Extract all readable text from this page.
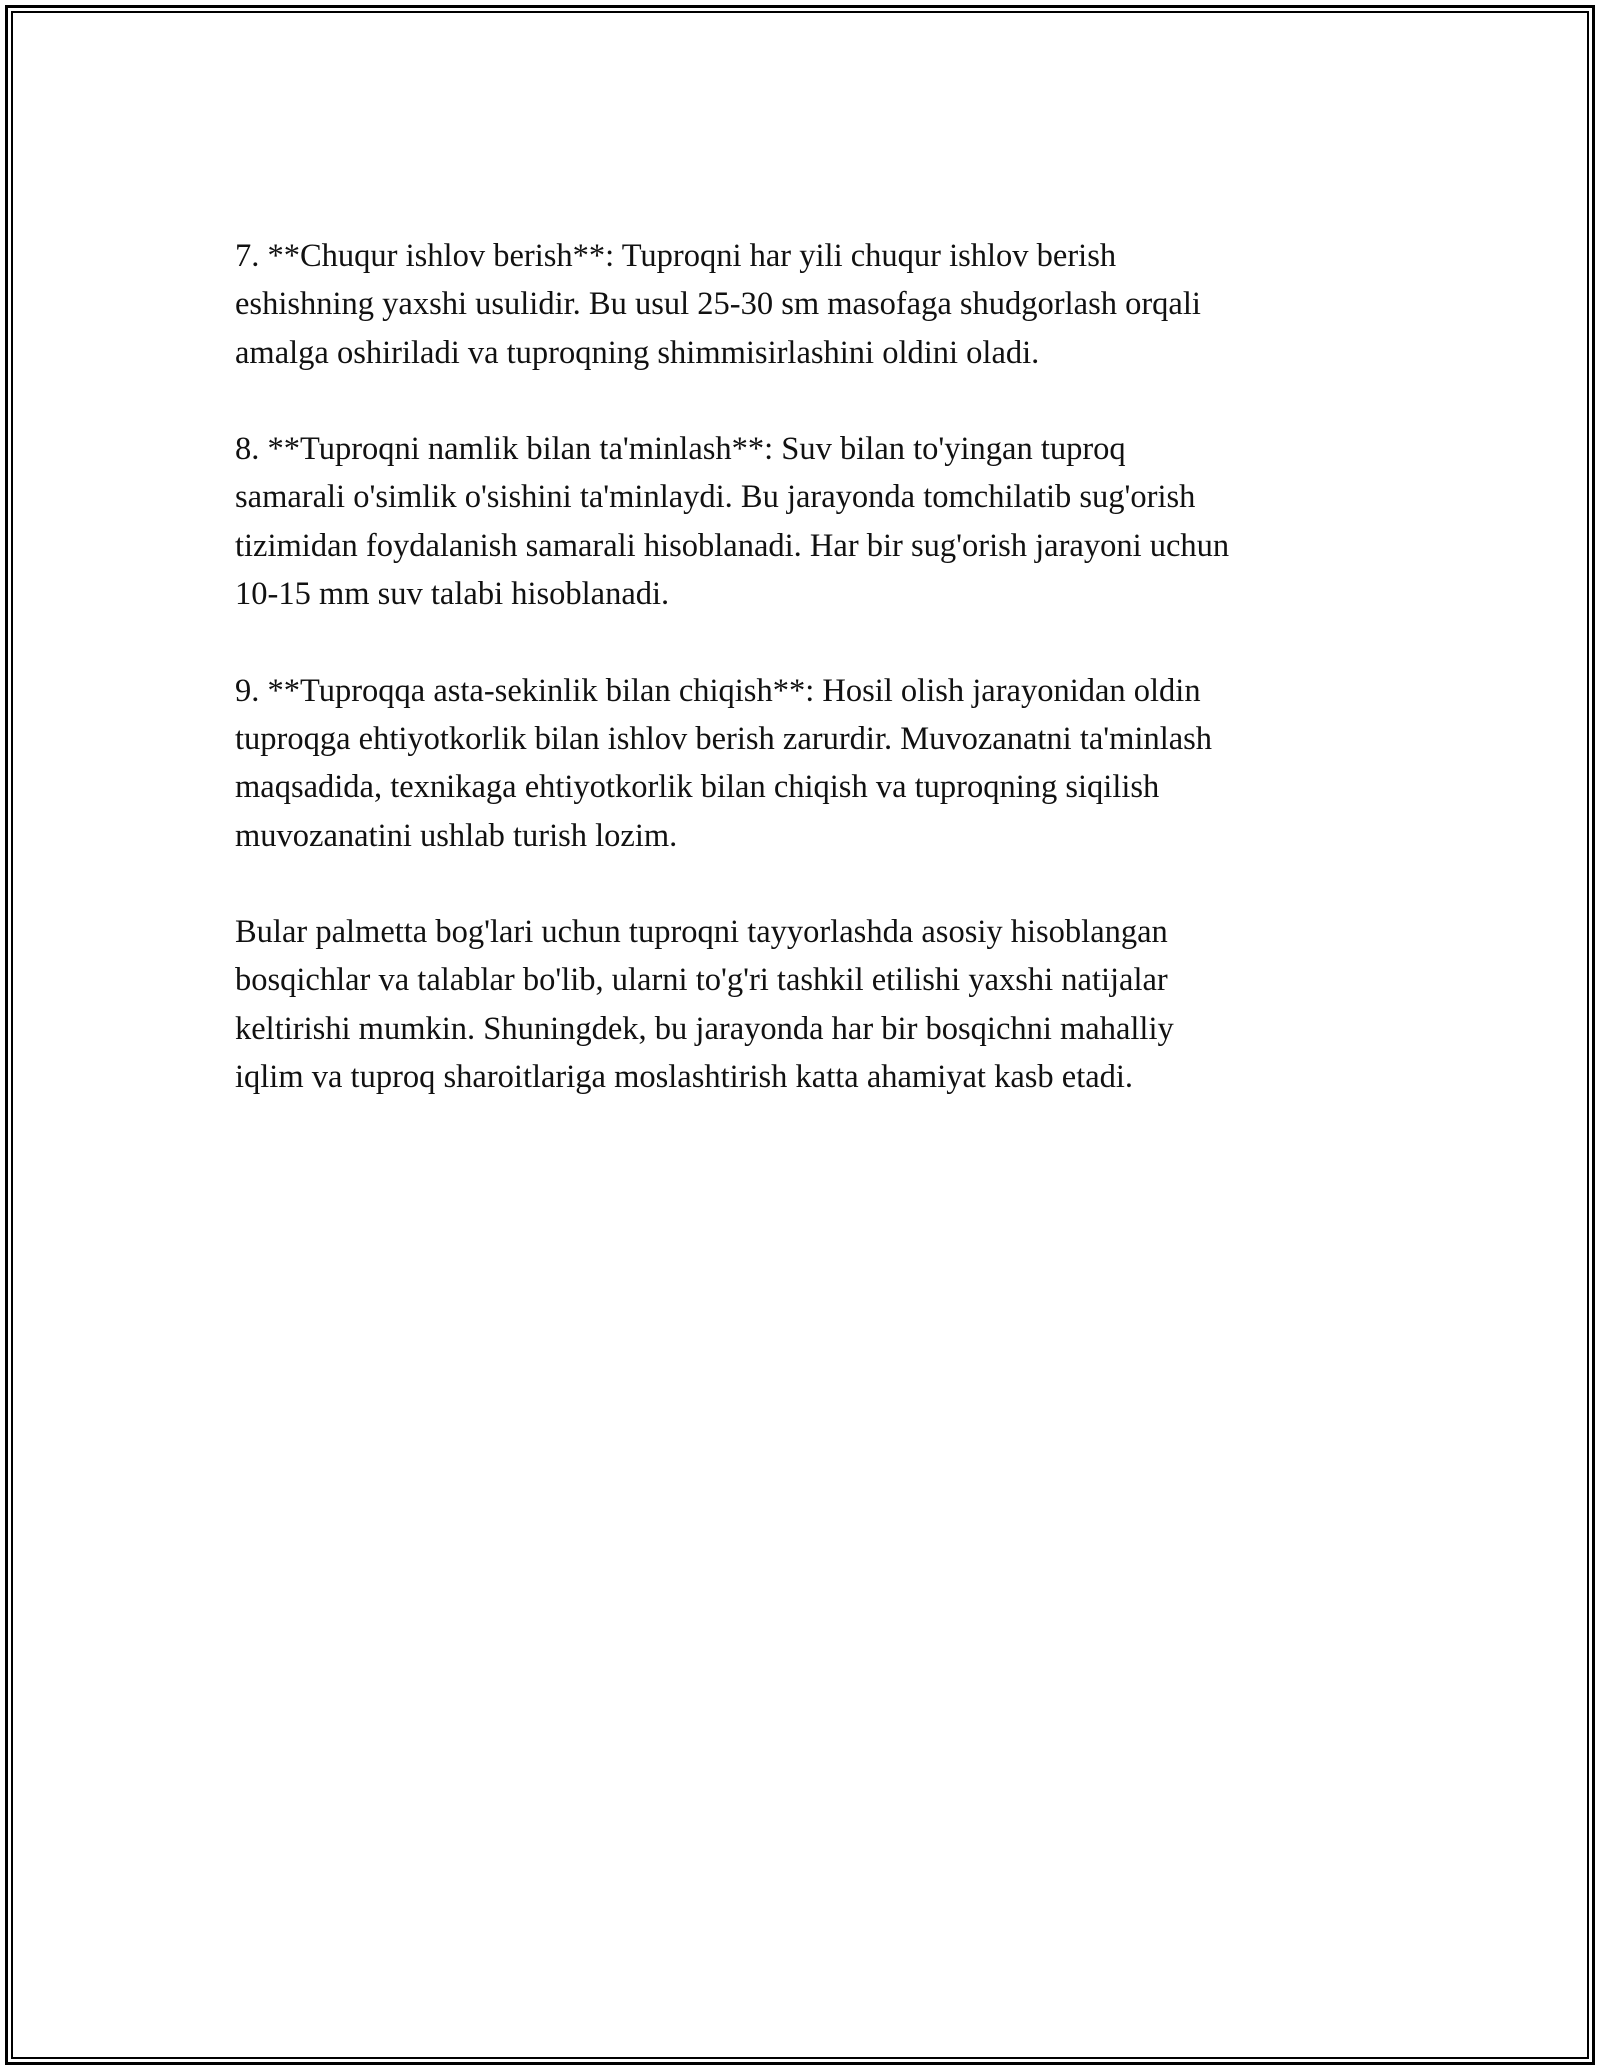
7. **Chuqur ishlov berish**: Tuproqni har yili chuqur ishlov berish
eshishning yaxshi usulidir. Bu usul 25-30 sm masofaga shudgorlash orqali
amalga oshiriladi va tuproqning shimmisirlashini oldini oladi.

8. **Tuproqni namlik bilan ta'minlash**: Suv bilan to'yingan tuproq
samarali o'simlik o'sishini ta'minlaydi. Bu jarayonda tomchilatib sug'orish
tizimidan foydalanish samarali hisoblanadi. Har bir sug'orish jarayoni uchun
10-15 mm suv talabi hisoblanadi.

9. **Tuproqqa asta-sekinlik bilan chiqish**: Hosil olish jarayonidan oldin
tuproqga ehtiyotkorlik bilan ishlov berish zarurdir. Muvozanatni ta'minlash
maqsadida, texnikaga ehtiyotkorlik bilan chiqish va tuproqning siqilish
muvozanatini ushlab turish lozim.

Bular palmetta bog'lari uchun tuproqni tayyorlashda asosiy hisoblangan
bosqichlar va talablar bo'lib, ularni to'g'ri tashkil etilishi yaxshi natijalar
keltirishi mumkin. Shuningdek, bu jarayonda har bir bosqichni mahalliy
iqlim va tuproq sharoitlariga moslashtirish katta ahamiyat kasb etadi.
